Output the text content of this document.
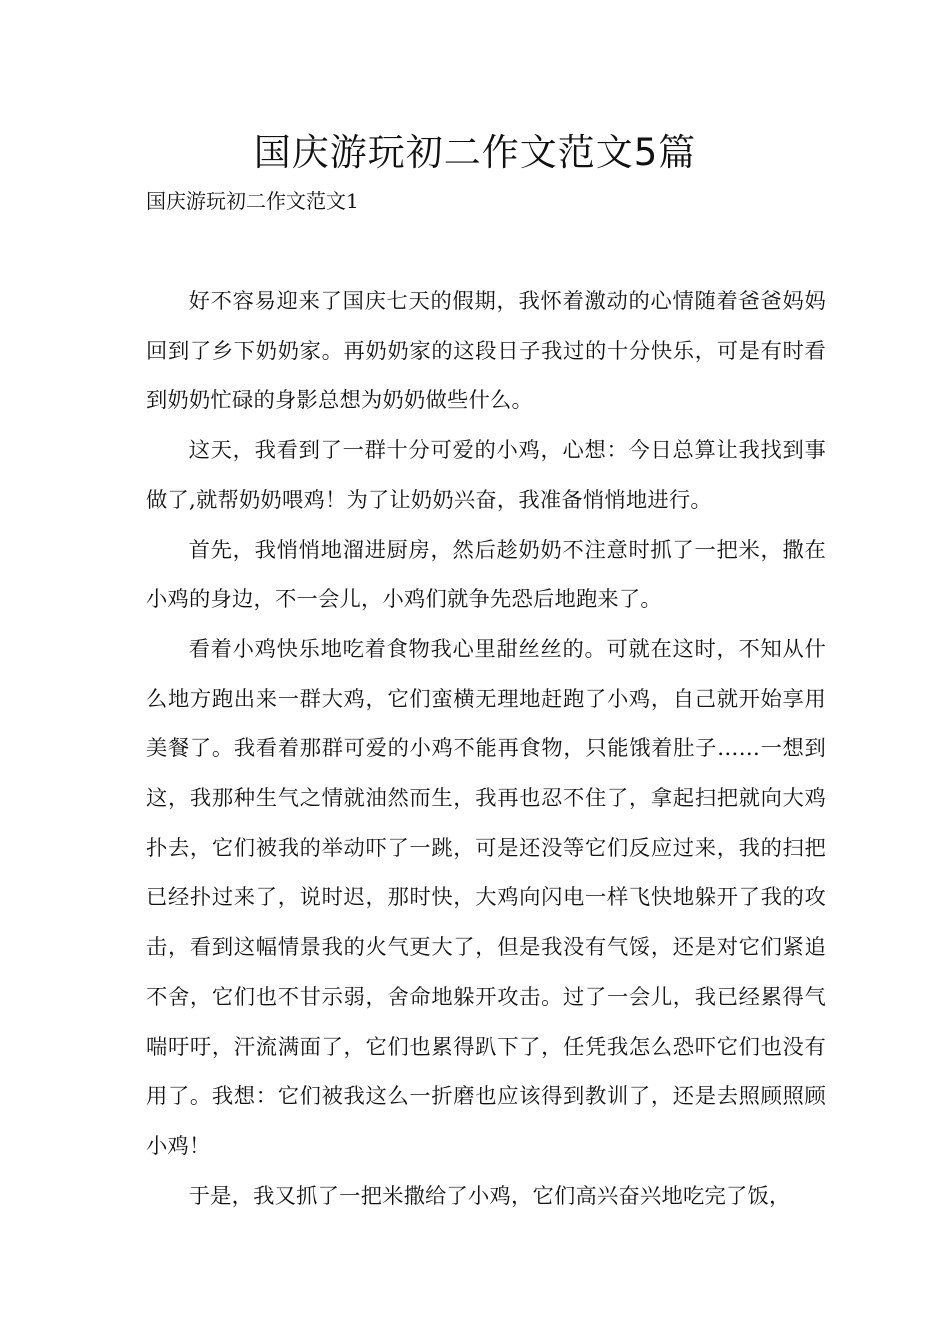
国庆游玩初二作文范文5篇
国庆游玩初二作文范文1

好不容易迎来了国庆七天的假期，我怀着激动的心情随着爸爸妈妈回到了乡下奶奶家。再奶奶家的这段日子我过的十分快乐，可是有时看到奶奶忙碌的身影总想为奶奶做些什么。

这天，我看到了一群十分可爱的小鸡，心想：今日总算让我找到事做了,就帮奶奶喂鸡！为了让奶奶兴奋，我准备悄悄地进行。

首先，我悄悄地溜进厨房，然后趁奶奶不注意时抓了一把米，撒在小鸡的身边，不一会儿，小鸡们就争先恐后地跑来了。

看着小鸡快乐地吃着食物我心里甜丝丝的。可就在这时，不知从什么地方跑出来一群大鸡，它们蛮横无理地赶跑了小鸡，自己就开始享用美餐了。我看着那群可爱的小鸡不能再食物，只能饿着肚子……一想到这，我那种生气之情就油然而生，我再也忍不住了，拿起扫把就向大鸡扑去，它们被我的举动吓了一跳，可是还没等它们反应过来，我的扫把已经扑过来了，说时迟，那时快，大鸡向闪电一样飞快地躲开了我的攻击，看到这幅情景我的火气更大了，但是我没有气馁，还是对它们紧追不舍，它们也不甘示弱，舍命地躲开攻击。过了一会儿，我已经累得气喘吁吁，汗流满面了，它们也累得趴下了，任凭我怎么恐吓它们也没有用了。我想：它们被我这么一折磨也应该得到教训了，还是去照顾照顾小鸡！

于是，我又抓了一把米撒给了小鸡，它们高兴奋兴地吃完了饭，
